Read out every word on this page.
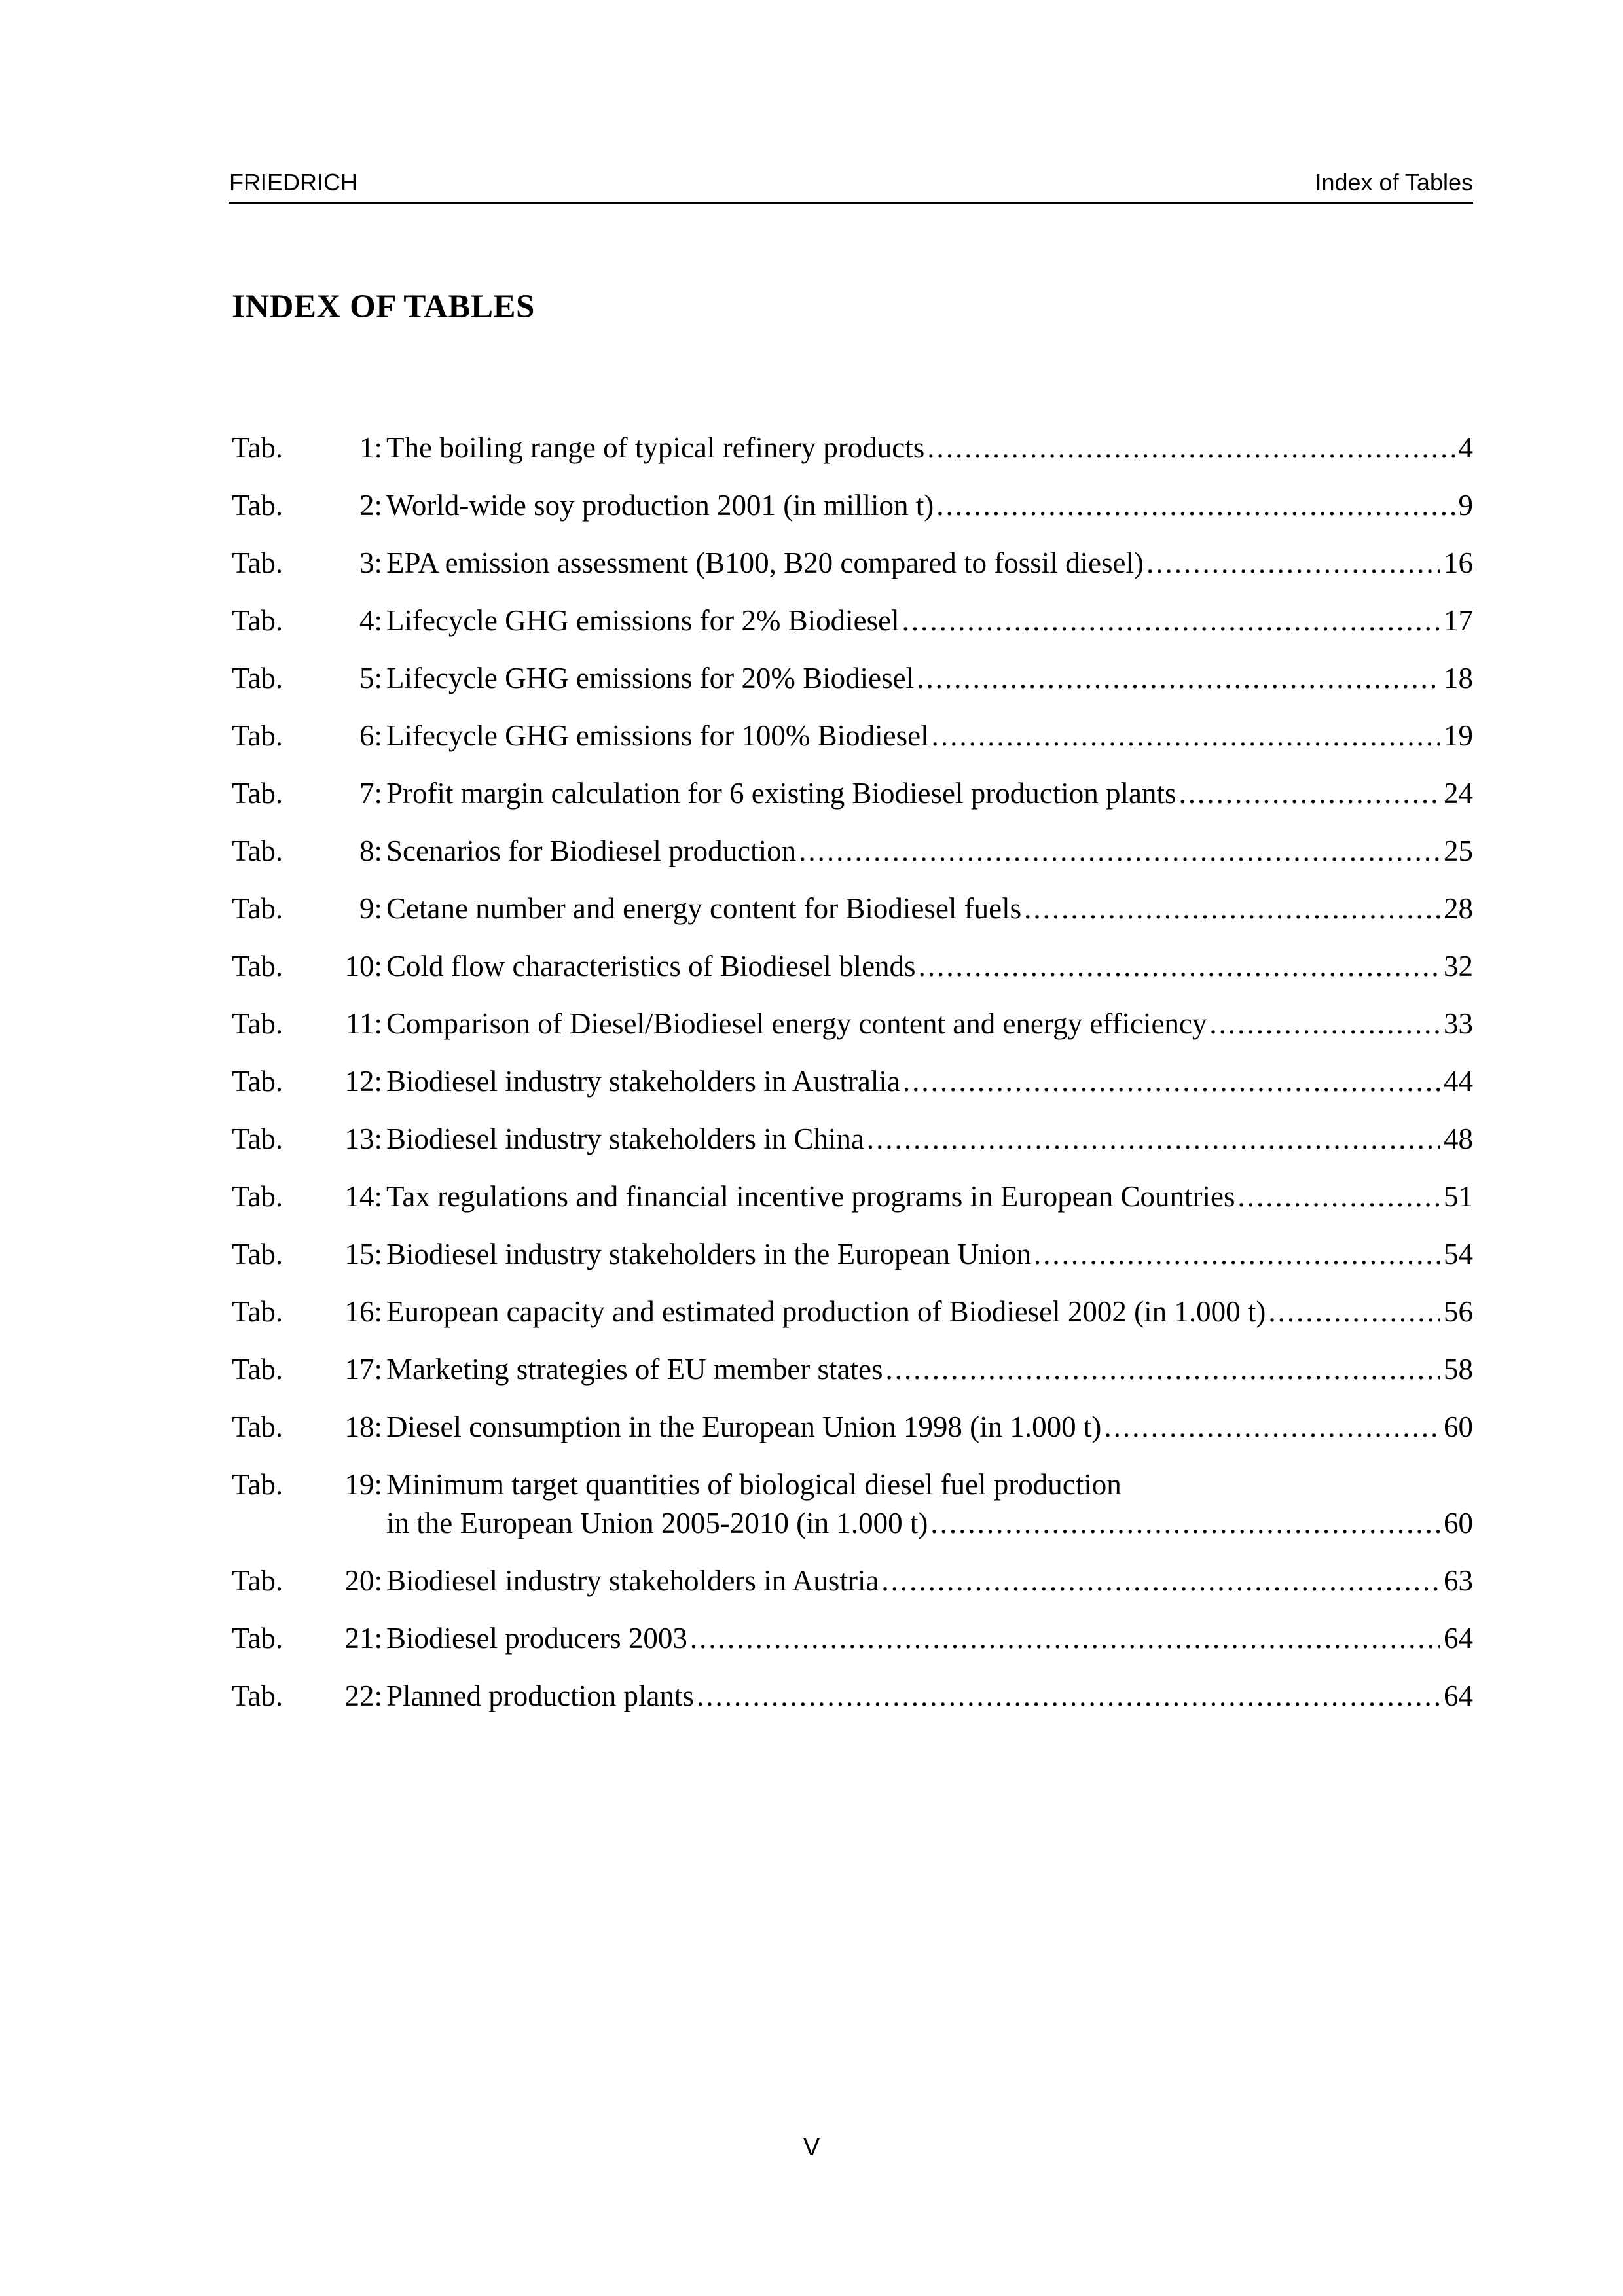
FRIEDRICH	Index of Tables
INDEX OF TABLES
Tab.	1: The boiling range of typical refinery products .....	4
Tab.	2: World-wide soy production 2001 (in million t) .....	9
Tab.	3: EPA emission assessment (B100, B20 compared to fossil diesel) .....	16
Tab.	4: Lifecycle GHG emissions for 2% Biodiesel .....	17
Tab.	5: Lifecycle GHG emissions for 20% Biodiesel .....	18
Tab.	6: Lifecycle GHG emissions for 100% Biodiesel .....	19
Tab.	7: Profit margin calculation for 6 existing Biodiesel production plants .....	24
Tab.	8: Scenarios for Biodiesel production .....	25
Tab.	9: Cetane number and energy content for Biodiesel fuels .....	28
Tab. 10: Cold flow characteristics of Biodiesel blends .....	32
Tab. 11: Comparison of Diesel/Biodiesel energy content and energy efficiency .....	33
Tab. 12: Biodiesel industry stakeholders in Australia .....	44
Tab. 13: Biodiesel industry stakeholders in China .....	48
Tab. 14: Tax regulations and financial incentive programs in European Countries .....	51
Tab. 15: Biodiesel industry stakeholders in the European Union .....	54
Tab. 16: European capacity and estimated production of Biodiesel 2002 (in 1.000 t) .....	56
Tab. 17: Marketing strategies of EU member states .....	58
Tab. 18: Diesel consumption in the European Union 1998 (in 1.000 t) .....	60
Tab. 19: Minimum target quantities of biological diesel fuel production
in the European Union 2005-2010 (in 1.000 t) .....	60
Tab. 20: Biodiesel industry stakeholders in Austria .....	63
Tab. 21: Biodiesel producers 2003 .....	64
Tab. 22: Planned production plants .....	64
V
